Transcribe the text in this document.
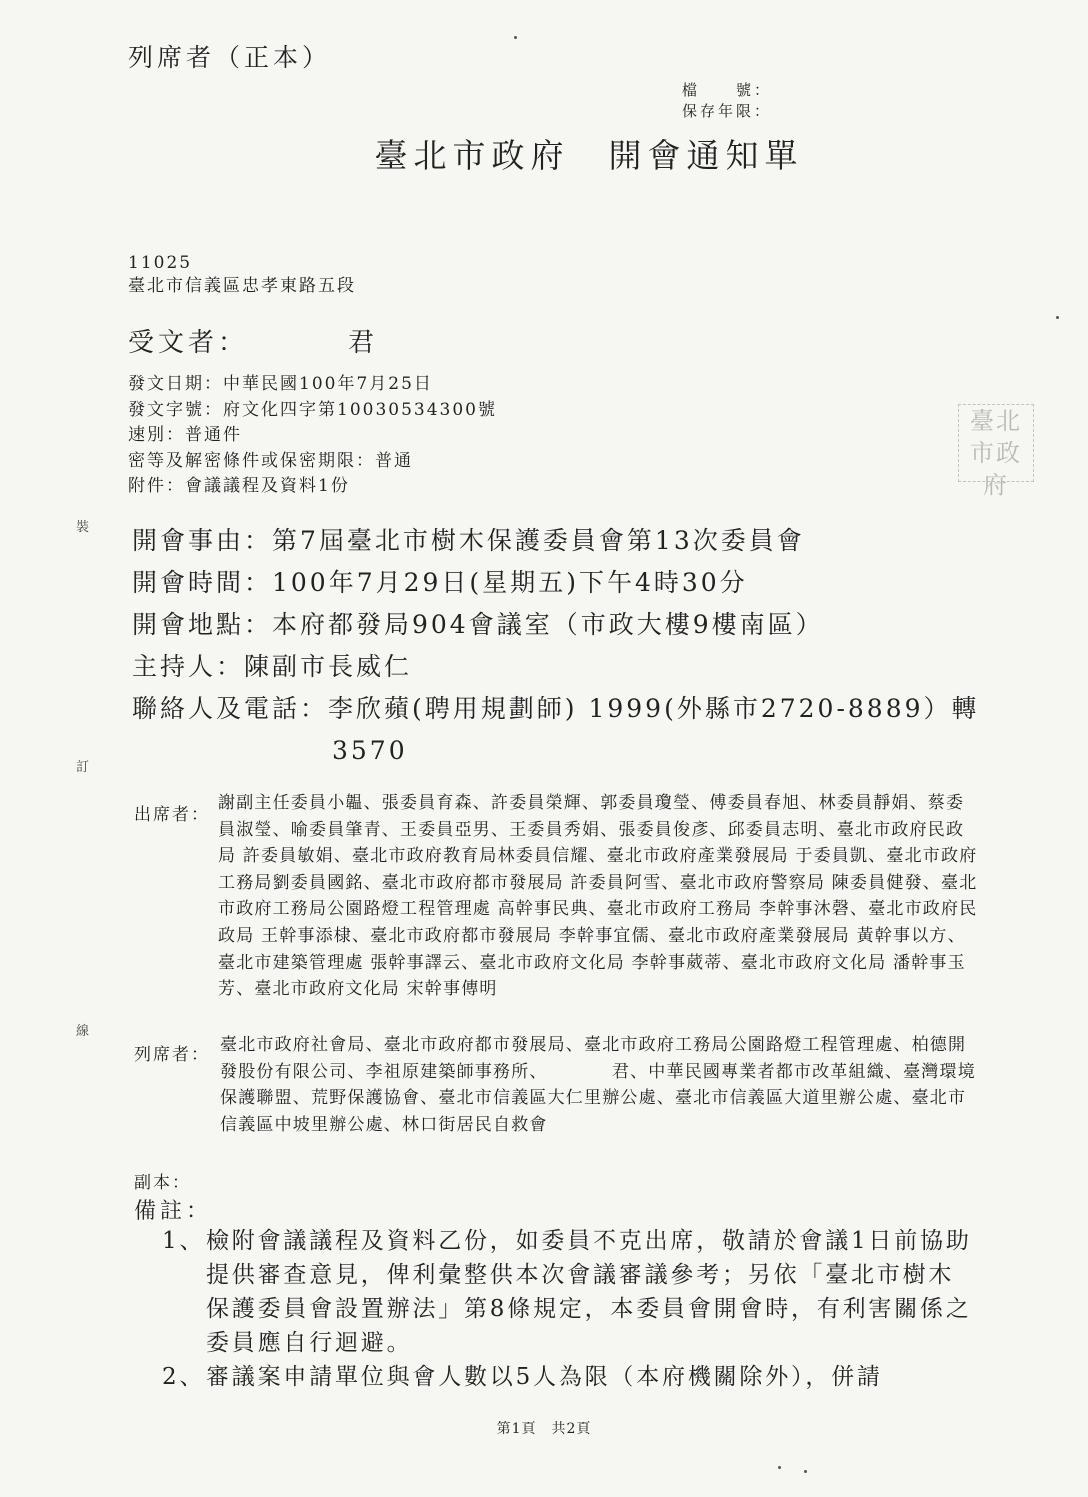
列席者（正本）
檔　　號：
保存年限：
臺北市政府　開會通知單
11025
臺北市信義區忠孝東路五段
受文者：	君
發文日期：中華民國100年7月25日
發文字號：府文化四字第10030534300號
速別：普通件
密等及解密條件或保密期限：普通
附件：會議議程及資料1份
臺北市政府
開會事由：第7屆臺北市樹木保護委員會第13次委員會
開會時間：100年7月29日(星期五)下午4時30分
開會地點：本府都發局904會議室（市政大樓9樓南區）
主持人：陳副市長威仁
聯絡人及電話：李欣蘋(聘用規劃師) 1999(外縣市2720-8889）轉
3570
出席者：
謝副主任委員小韞、張委員育森、許委員榮輝、郭委員瓊瑩、傅委員春旭、林委員靜娟、蔡委員淑瑩、喻委員肇青、王委員亞男、王委員秀娟、張委員俊彥、邱委員志明、臺北市政府民政局 許委員敏娟、臺北市政府教育局林委員信耀、臺北市政府產業發展局 于委員凱、臺北市政府工務局劉委員國銘、臺北市政府都市發展局 許委員阿雪、臺北市政府警察局 陳委員健發、臺北市政府工務局公園路燈工程管理處 高幹事民典、臺北市政府工務局 李幹事沐磬、臺北市政府民政局 王幹事添棣、臺北市政府都市發展局 李幹事宜儒、臺北市政府產業發展局 黃幹事以方、臺北市建築管理處 張幹事譯云、臺北市政府文化局 李幹事葳蒂、臺北市政府文化局 潘幹事玉芳、臺北市政府文化局 宋幹事傳明
列席者： 臺北市政府社會局、臺北市政府都市發展局、臺北市政府工務局公園路燈工程管理處、柏德開發股份有限公司、李祖原建築師事務所、　　　　君、中華民國專業者都市改革組織、臺灣環境保護聯盟、荒野保護協會、臺北市信義區大仁里辦公處、臺北市信義區大道里辦公處、臺北市信義區中坡里辦公處、林口街居民自救會
副本：
備註：
1、 檢附會議議程及資料乙份，如委員不克出席，敬請於會議1日前協助提供審查意見，俾利彙整供本次會議審議參考；另依「臺北市樹木保護委員會設置辦法」第8條規定，本委員會開會時，有利害關係之委員應自行迴避。
2、 審議案申請單位與會人數以5人為限（本府機關除外），併請
第1頁　共2頁
裝
訂
線
